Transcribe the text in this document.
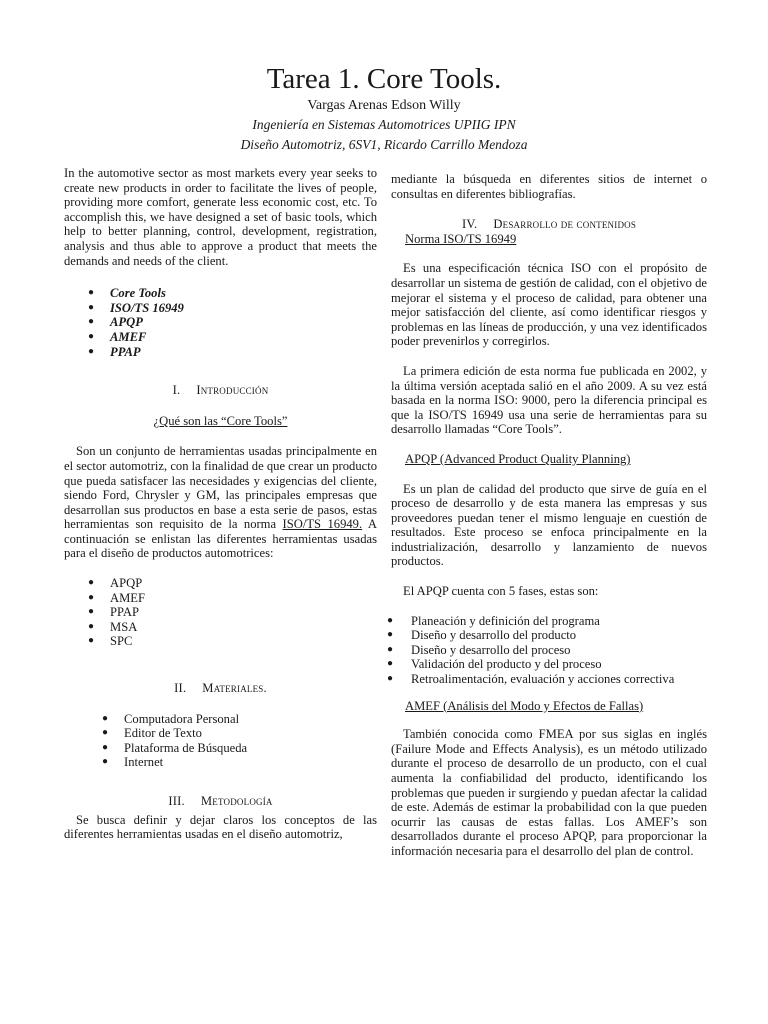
Tarea 1. Core Tools.
Vargas Arenas Edson Willy
Ingeniería en Sistemas Automotrices UPIIG IPN
Diseño Automotriz, 6SV1, Ricardo Carrillo Mendoza

In the automotive sector as most markets every year seeks to create new products in order to facilitate the lives of people, providing more comfort, generate less economic cost, etc. To accomplish this, we have designed a set of basic tools, which help to better planning, control, development, registration, analysis and thus able to approve a product that meets the demands and needs of the client.

● Core Tools
● ISO/TS 16949
● APQP
● AMEF
● PPAP
I. Introducción

¿Qué son las “Core Tools”

Son un conjunto de herramientas usadas principalmente en el sector automotriz, con la finalidad de que crear un producto que pueda satisfacer las necesidades y exigencias del cliente, siendo Ford, Chrysler y GM, las principales empresas que desarrollan sus productos en base a esta serie de pasos, estas herramientas son requisito de la norma ISO/TS 16949. A continuación se enlistan las diferentes herramientas usadas para el diseño de productos automotrices:

● APQP
● AMEF
● PPAP
● MSA
● SPC
II. Materiales.
● Computadora Personal
● Editor de Texto
● Plataforma de Búsqueda
● Internet
III. Metodología

Se busca definir y dejar claros los conceptos de las diferentes herramientas usadas en el diseño automotriz,

mediante la búsqueda en diferentes sitios de internet o consultas en diferentes bibliografías.

IV. Desarrollo de contenidos

Norma ISO/TS 16949

Es una especificación técnica ISO con el propósito de desarrollar un sistema de gestión de calidad, con el objetivo de mejorar el sistema y el proceso de calidad, para obtener una mejor satisfacción del cliente, así como identificar riesgos y problemas en las líneas de producción, y una vez identificados poder prevenirlos y corregirlos.

La primera edición de esta norma fue publicada en 2002, y la última versión aceptada salió en el año 2009. A su vez está basada en la norma ISO: 9000, pero la diferencia principal es que la ISO/TS 16949 usa una serie de herramientas para su desarrollo llamadas “Core Tools”.

APQP (Advanced Product Quality Planning)

Es un plan de calidad del producto que sirve de guía en el proceso de desarrollo y de esta manera las empresas y sus proveedores puedan tener el mismo lenguaje en cuestión de resultados. Este proceso se enfoca principalmente en la industrialización, desarrollo y lanzamiento de nuevos productos.

El APQP cuenta con 5 fases, estas son:

● Planeación y definición del programa
● Diseño y desarrollo del producto
● Diseño y desarrollo del proceso
● Validación del producto y del proceso
● Retroalimentación, evaluación y acciones correctiva

AMEF (Análisis del Modo y Efectos de Fallas)

También conocida como FMEA por sus siglas en inglés (Failure Mode and Effects Analysis), es un método utilizado durante el proceso de desarrollo de un producto, con el cual aumenta la confiabilidad del producto, identificando los problemas que pueden ir surgiendo y puedan afectar la calidad de este. Además de estimar la probabilidad con la que pueden ocurrir las causas de estas fallas. Los AMEF’s son desarrollados durante el proceso APQP, para proporcionar la información necesaria para el desarrollo del plan de control.
